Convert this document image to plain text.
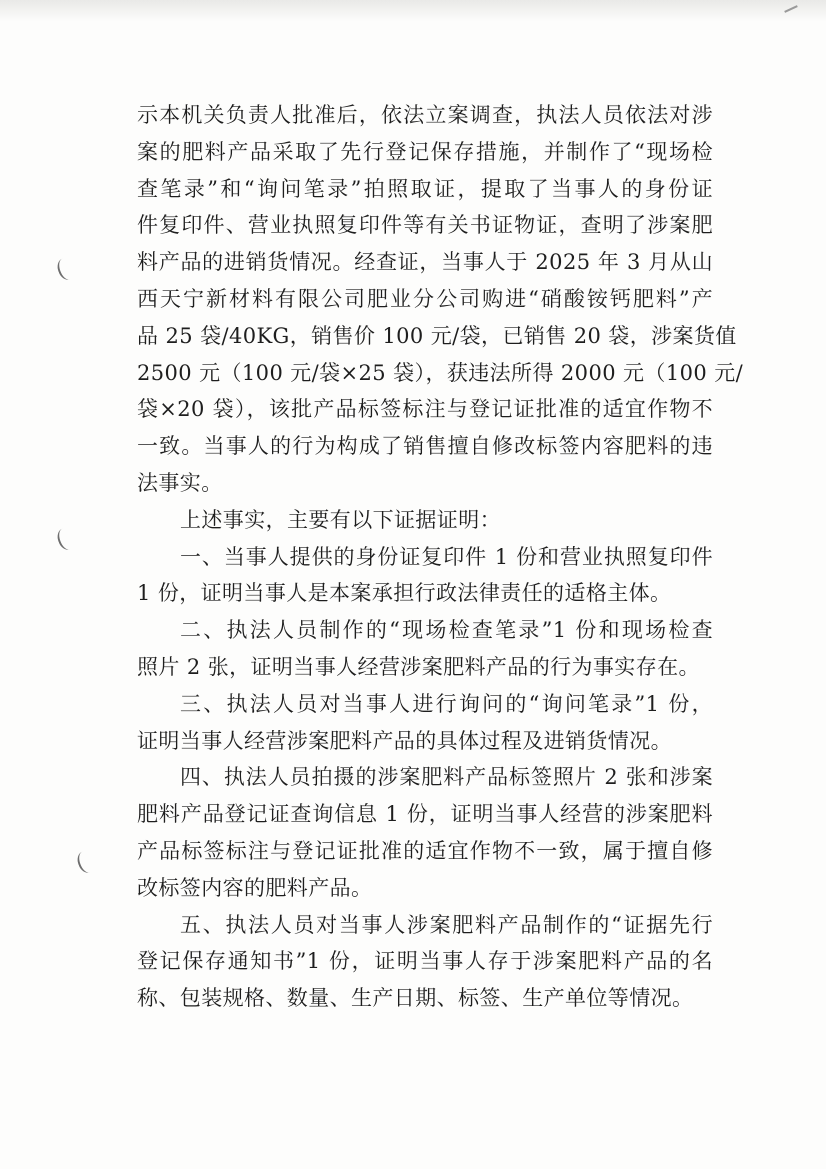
示本机关负责人批准后，依法立案调查，执法人员依法对涉
案的肥料产品采取了先行登记保存措施，并制作了“现场检
查笔录”和“询问笔录”拍照取证，提取了当事人的身份证
件复印件、营业执照复印件等有关书证物证，查明了涉案肥
料产品的进销货情况。经查证，当事人于 2025 年 3 月从山
西天宁新材料有限公司肥业分公司购进“硝酸铵钙肥料”产
品 25 袋/40KG，销售价 100 元/袋，已销售 20 袋，涉案货值
2500 元（100 元/袋×25 袋），获违法所得 2000 元（100 元/
袋×20 袋），该批产品标签标注与登记证批准的适宜作物不
一致。当事人的行为构成了销售擅自修改标签内容肥料的违
法事实。
上述事实，主要有以下证据证明：
一、当事人提供的身份证复印件 1 份和营业执照复印件
1 份，证明当事人是本案承担行政法律责任的适格主体。
二、执法人员制作的“现场检查笔录”1 份和现场检查
照片 2 张，证明当事人经营涉案肥料产品的行为事实存在。
三、执法人员对当事人进行询问的“询问笔录”1 份，
证明当事人经营涉案肥料产品的具体过程及进销货情况。
四、执法人员拍摄的涉案肥料产品标签照片 2 张和涉案
肥料产品登记证查询信息 1 份，证明当事人经营的涉案肥料
产品标签标注与登记证批准的适宜作物不一致，属于擅自修
改标签内容的肥料产品。
五、执法人员对当事人涉案肥料产品制作的“证据先行
登记保存通知书”1 份，证明当事人存于涉案肥料产品的名
称、包装规格、数量、生产日期、标签、生产单位等情况。
